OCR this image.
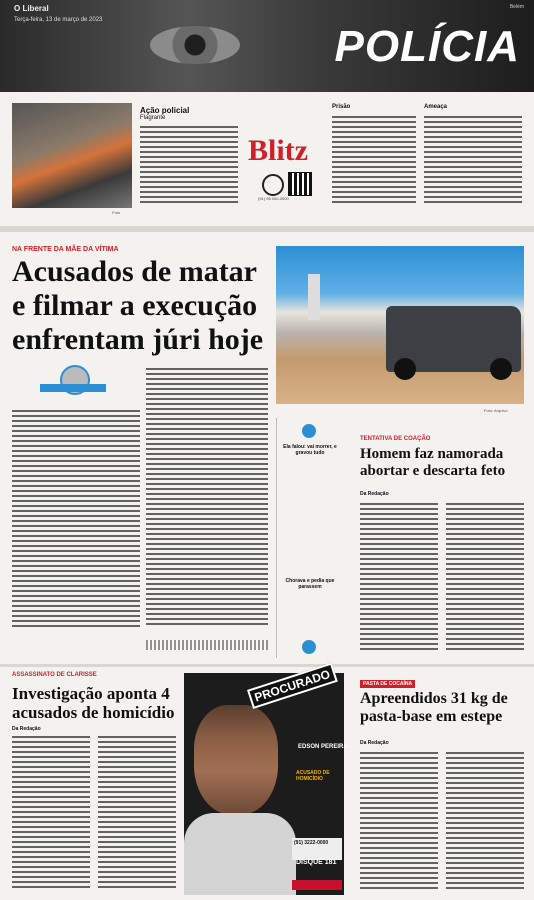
O Liberal
Terça-feira, 13 de março de 2023
Belém
POLÍCIA
Foto
Ação policial
Flagrante
Blitz
(91) 98 000-0000
Prisão	Ameaça
NA FRENTE DA MÃE DA VÍTIMA
Acusados de matar e filmar a execução enfrentam júri hoje
Foto: Arquivo
Ela falou: vai morrer, e gravou tudo
Chorava e pedia que parassem
TENTATIVA DE COAÇÃO
Homem faz namorada abortar e descarta feto
Da Redação
ASSASSINATO DE CLARISSE
Investigação aponta 4 acusados de homicídio
Da Redação
PROCURADO
EDSON PEREIRA
ACUSADO DE HOMICÍDIO
(91) 3222-0000
DISQUE 181
PASTA DE COCAÍNA
Apreendidos 31 kg de pasta-base em estepe
Da Redação
